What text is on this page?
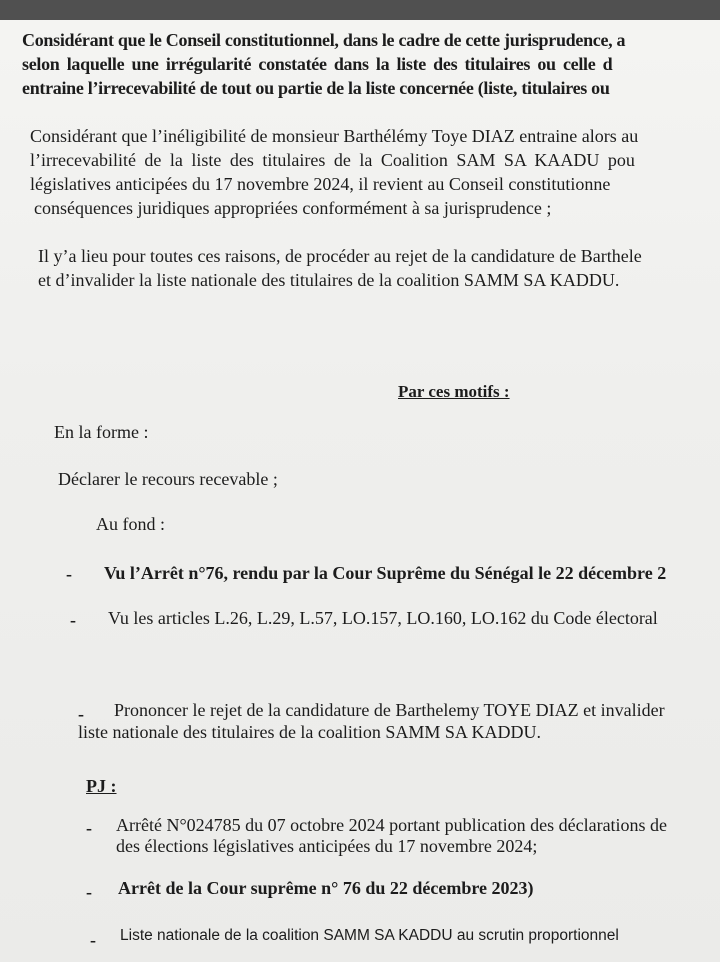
Considérant que le Conseil constitutionnel, dans le cadre de cette jurisprudence, a
selon laquelle une irrégularité constatée dans la liste des titulaires ou celle d
entraine l’irrecevabilité de tout ou partie de la liste concernée (liste, titulaires ou
Considérant que l’inéligibilité de monsieur Barthélémy Toye DIAZ entraine alors au
l’irrecevabilité de la liste des titulaires de la Coalition SAM SA KAADU pou
législatives anticipées du 17 novembre 2024, il revient au Conseil constitutionne
conséquences juridiques appropriées conformément à sa jurisprudence ;
Il y’a lieu pour toutes ces raisons, de procéder au rejet de la candidature de Barthele
et d’invalider la liste nationale des titulaires de la coalition SAMM SA KADDU.
Par ces motifs :
En la forme :
Déclarer le recours recevable ;
Au fond :
- Vu l’Arrêt n°76, rendu par la Cour Suprême du Sénégal le 22 décembre 2
- Vu les articles L.26, L.29, L.57, LO.157, LO.160, LO.162 du Code électoral
- Prononcer le rejet de la candidature de Barthelemy TOYE DIAZ et invalider
liste nationale des titulaires de la coalition SAMM SA KADDU.
PJ :
- Arrêté N°024785 du 07 octobre 2024 portant publication des déclarations de
des élections législatives anticipées du 17 novembre 2024;
- Arrêt de la Cour suprême n° 76 du 22 décembre 2023)
- Liste nationale de la coalition SAMM SA KADDU au scrutin proportionnel
